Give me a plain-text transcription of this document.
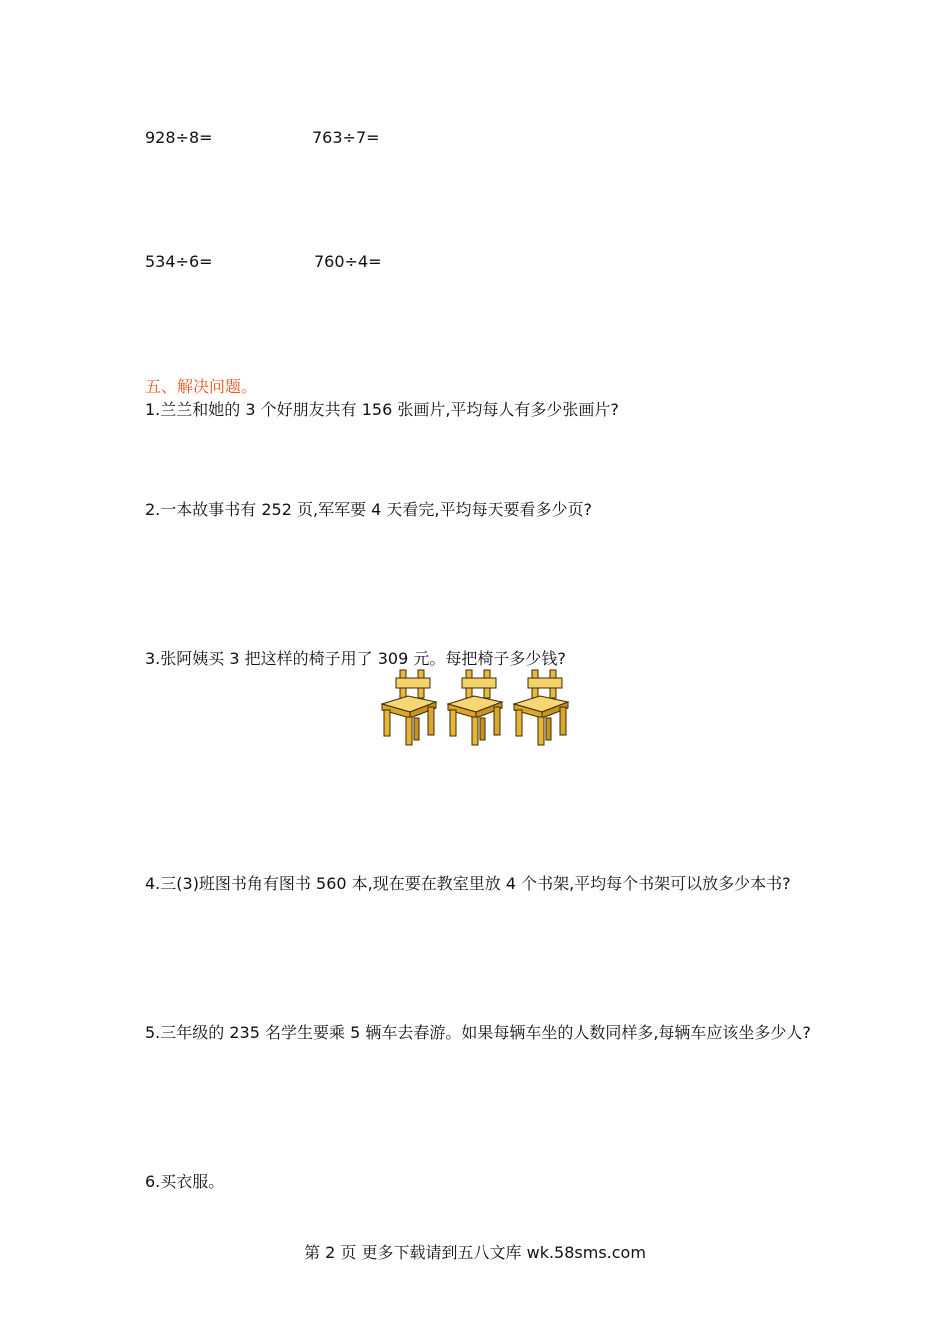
928÷8=	763÷7=
534÷6=	760÷4=
五、解决问题。
1.兰兰和她的 3 个好朋友共有 156 张画片,平均每人有多少张画片?
2.一本故事书有 252 页,军军要 4 天看完,平均每天要看多少页?
3.张阿姨买 3 把这样的椅子用了 309 元。每把椅子多少钱?
4.三(3)班图书角有图书 560 本,现在要在教室里放 4 个书架,平均每个书架可以放多少本书?
5.三年级的 235 名学生要乘 5 辆车去春游。如果每辆车坐的人数同样多,每辆车应该坐多少人?
6.买衣服。
第 2 页 更多下载请到五八文库 wk.58sms.com
